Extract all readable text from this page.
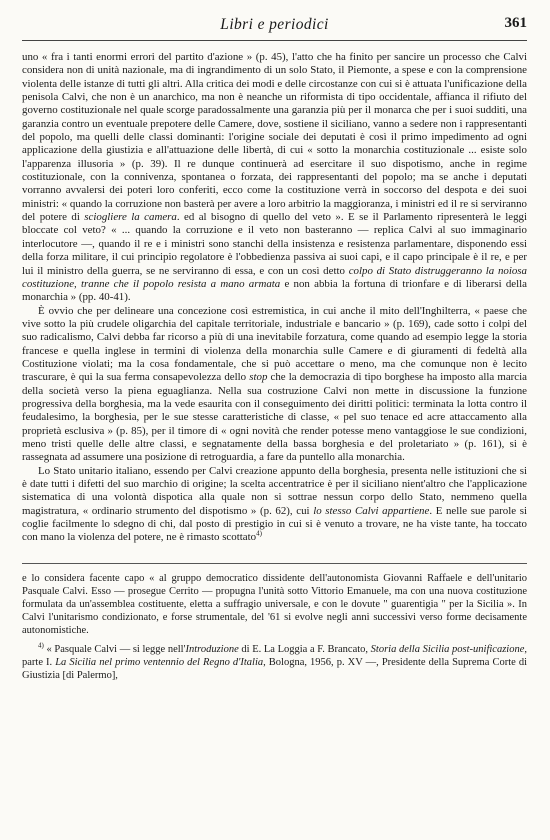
Libri e periodici	361

uno « fra i tanti enormi errori del partito d'azione » (p. 45), l'atto che ha finito per sancire un processo che Calvi considera non di unità nazionale, ma di ingrandimento di un solo Stato, il Piemonte, a spese e con la comprensione violenta delle istanze di tutti gli altri. Alla critica dei modi e delle circostanze con cui si è attuata l'unificazione della penisola Calvi, che non è un anarchico, ma non è neanche un riformista di tipo occidentale, affianca il rifiuto del governo costituzionale nel quale scorge paradossalmente una garanzia più per il monarca che per i suoi sudditi, una garanzia contro un eventuale prepotere delle Camere, dove, sostiene il siciliano, vanno a sedere non i rappresentanti del popolo, ma quelli delle classi dominanti: l'origine sociale dei deputati è così il primo impedimento ad ogni applicazione della giustizia e all'attuazione delle libertà, di cui « sotto la monarchia costituzionale ... esiste solo l'apparenza illusoria » (p. 39). Il re dunque continuerà ad esercitare il suo dispotismo, anche in regime costituzionale, con la connivenza, spontanea o forzata, dei rappresentanti del popolo; ma se anche i deputati vorranno avvalersi dei poteri loro conferiti, ecco come la costituzione verrà in soccorso del despota e dei suoi ministri: « quando la corruzione non basterà per avere a loro arbitrio la maggioranza, i ministri ed il re si serviranno del potere di sciogliere la camera. ed al bisogno di quello del veto ». E se il Parlamento ripresenterà le leggi bloccate col veto? « ... quando la corruzione e il veto non basteranno — replica Calvi al suo immaginario interlocutore —, quando il re e i ministri sono stanchi della insistenza e resistenza parlamentare, disponendo essi della forza militare, il cui principio regolatore è l'obbedienza passiva ai suoi capi, e il capo principale è il re, e per lui il ministro della guerra, se ne serviranno di essa, e con un così detto colpo di Stato distruggeranno la noiosa costituzione, tranne che il popolo resista a mano armata e non abbia la fortuna di trionfare e di liberarsi della monarchia » (pp. 40-41).

È ovvio che per delineare una concezione così estremistica, in cui anche il mito dell'Inghilterra, « paese che vive sotto la più crudele oligarchia del capitale territoriale, industriale e bancario » (p. 169), cade sotto i colpi del suo radicalismo, Calvi debba far ricorso a più di una inevitabile forzatura, come quando ad esempio legge la storia francese e quella inglese in termini di violenza della monarchia sulle Camere e di giuramenti di fedeltà alla Costituzione violati; ma la cosa fondamentale, che si può accettare o meno, ma che comunque non è lecito trascurare, è qui la sua ferma consapevolezza dello stop che la democrazia di tipo borghese ha imposto alla marcia della società verso la piena eguaglianza. Nella sua costruzione Calvi non mette in discussione la funzione progressiva della borghesia, ma la vede esaurita con il conseguimento dei diritti politici: terminata la lotta contro il feudalesimo, la borghesia, per le sue stesse caratteristiche di classe, « pel suo tenace ed acre attaccamento alla proprietà esclusiva » (p. 85), per il timore di « ogni novità che render potesse meno vantaggiose le sue condizioni, meno tristi quelle delle altre classi, e segnatamente della bassa borghesia e del proletariato » (p. 161), si è rassegnata ad assumere una posizione di retroguardia, a fare da puntello alla monarchia.

Lo Stato unitario italiano, essendo per Calvi creazione appunto della borghesia, presenta nelle istituzioni che si è date tutti i difetti del suo marchio di origine; la scelta accentratrice è per il siciliano nient'altro che l'applicazione sistematica di una volontà dispotica alla quale non si sottrae nessun corpo dello Stato, nemmeno quella magistratura, « ordinario strumento del dispotismo » (p. 62), cui lo stesso Calvi appartiene. E nelle sue parole si coglie facilmente lo sdegno di chi, dal posto di prestigio in cui si è venuto a trovare, ne ha viste tante, ha toccato con mano la violenza del potere, ne è rimasto scottato$^{4)}$

e lo considera facente capo « al gruppo democratico dissidente dell'autonomista Giovanni Raffaele e dell'unitario Pasquale Calvi. Esso — prosegue Cerrito — propugna l'unità sotto Vittorio Emanuele, ma con una nuova costituzione formulata da un'assemblea costituente, eletta a suffragio universale, e con le dovute " guarentigia " per la Sicilia ». In Calvi l'unitarismo condizionato, e forse strumentale, del '61 si evolve negli anni successivi verso forme decisamente autonomistiche.

$^{4)}$ « Pasquale Calvi — si legge nell'Introduzione di E. La Loggia a F. Brancato, Storia della Sicilia post-unificazione, parte I. La Sicilia nel primo ventennio del Regno d'Italia, Bologna, 1956, p. XV —, Presidente della Suprema Corte di Giustizia [di Palermo],
